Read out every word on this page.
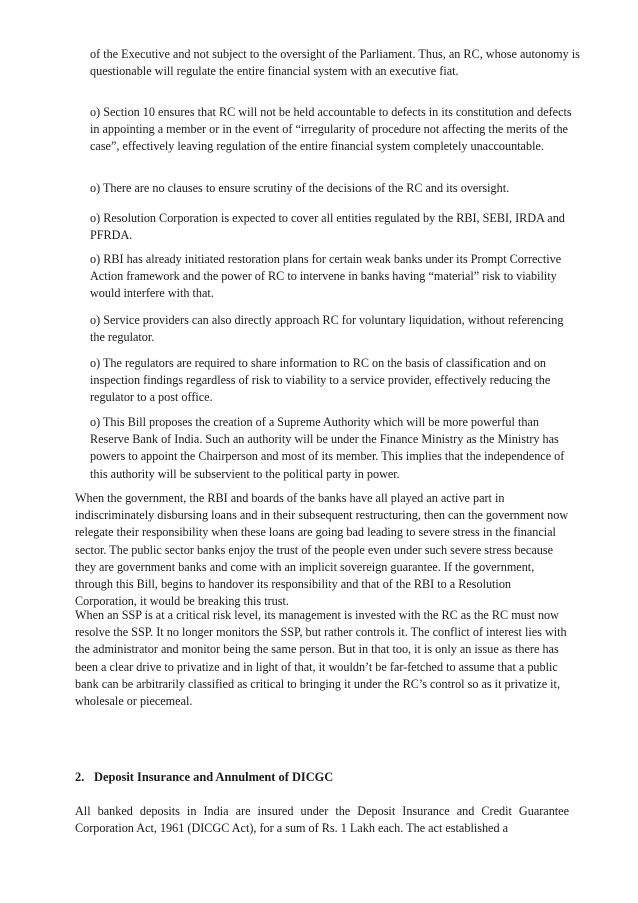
of the Executive and not subject to the oversight of the Parliament. Thus, an RC, whose autonomy is questionable will regulate the entire financial system with an executive fiat.

o) Section 10 ensures that RC will not be held accountable to defects in its constitution and defects in appointing a member or in the event of “irregularity of procedure not affecting the merits of the case”, effectively leaving regulation of the entire financial system completely unaccountable.

o) There are no clauses to ensure scrutiny of the decisions of the RC and its oversight.

o) Resolution Corporation is expected to cover all entities regulated by the RBI, SEBI, IRDA and PFRDA.

o) RBI has already initiated restoration plans for certain weak banks under its Prompt Corrective Action framework and the power of RC to intervene in banks having “material” risk to viability would interfere with that.

o) Service providers can also directly approach RC for voluntary liquidation, without referencing the regulator.

o) The regulators are required to share information to RC on the basis of classification and on inspection findings regardless of risk to viability to a service provider, effectively reducing the regulator to a post office.

o) This Bill proposes the creation of a Supreme Authority which will be more powerful than Reserve Bank of India. Such an authority will be under the Finance Ministry as the Ministry has powers to appoint the Chairperson and most of its member. This implies that the independence of this authority will be subservient to the political party in power.

When the government, the RBI and boards of the banks have all played an active part in indiscriminately disbursing loans and in their subsequent restructuring, then can the government now relegate their responsibility when these loans are going bad leading to severe stress in the financial sector. The public sector banks enjoy the trust of the people even under such severe stress because they are government banks and come with an implicit sovereign guarantee. If the government, through this Bill, begins to handover its responsibility and that of the RBI to a Resolution Corporation, it would be breaking this trust.

When an SSP is at a critical risk level, its management is invested with the RC as the RC must now resolve the SSP. It no longer monitors the SSP, but rather controls it. The conflict of interest lies with the administrator and monitor being the same person. But in that too, it is only an issue as there has been a clear drive to privatize and in light of that, it wouldn’t be far-fetched to assume that a public bank can be arbitrarily classified as critical to bringing it under the RC’s control so as it privatize it, wholesale or piecemeal.

2. Deposit Insurance and Annulment of DICGC

All banked deposits in India are insured under the Deposit Insurance and Credit Guarantee Corporation Act, 1961 (DICGC Act), for a sum of Rs. 1 Lakh each. The act established a
